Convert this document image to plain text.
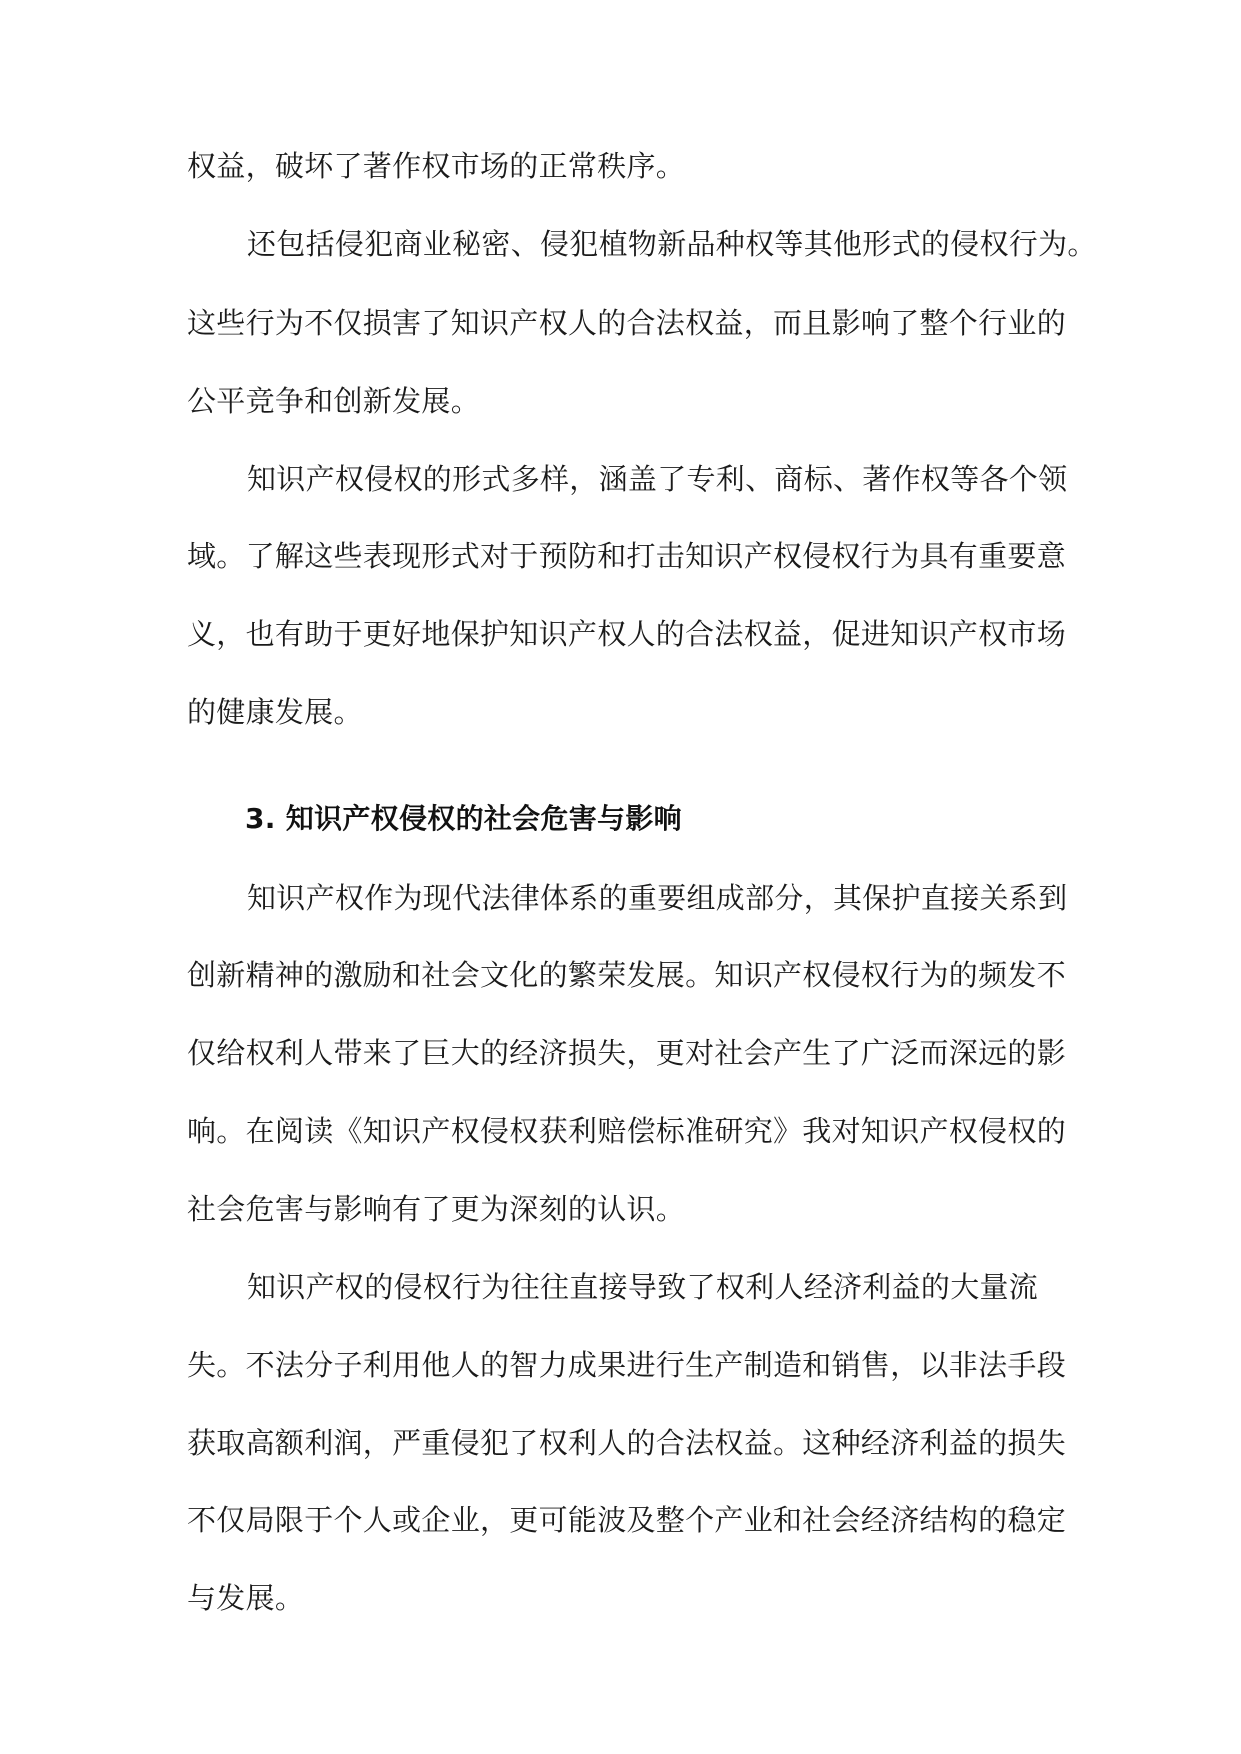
权益，破坏了著作权市场的正常秩序。

还包括侵犯商业秘密、侵犯植物新品种权等其他形式的侵权行为。

这些行为不仅损害了知识产权人的合法权益，而且影响了整个行业的

公平竞争和创新发展。

知识产权侵权的形式多样，涵盖了专利、商标、著作权等各个领

域。了解这些表现形式对于预防和打击知识产权侵权行为具有重要意

义，也有助于更好地保护知识产权人的合法权益，促进知识产权市场

的健康发展。

3. 知识产权侵权的社会危害与影响

知识产权作为现代法律体系的重要组成部分，其保护直接关系到

创新精神的激励和社会文化的繁荣发展。知识产权侵权行为的频发不

仅给权利人带来了巨大的经济损失，更对社会产生了广泛而深远的影

响。在阅读《知识产权侵权获利赔偿标准研究》我对知识产权侵权的

社会危害与影响有了更为深刻的认识。

知识产权的侵权行为往往直接导致了权利人经济利益的大量流

失。不法分子利用他人的智力成果进行生产制造和销售，以非法手段

获取高额利润，严重侵犯了权利人的合法权益。这种经济利益的损失

不仅局限于个人或企业，更可能波及整个产业和社会经济结构的稳定

与发展。
